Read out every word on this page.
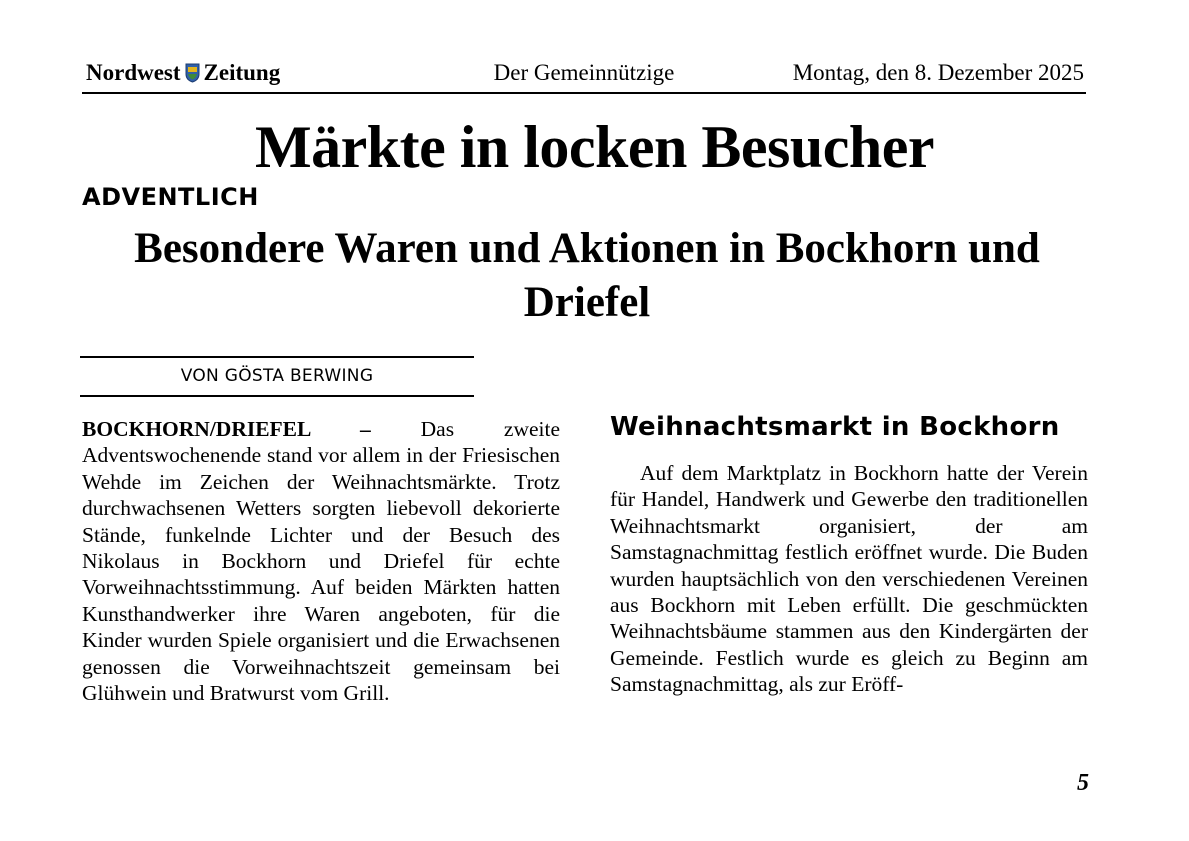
Nordwest Zeitung	Der Gemeinnützige	Montag, den 8. Dezember 2025
Märkte in locken Besucher
ADVENTLICH
Besondere Waren und Aktionen in Bockhorn und Driefel
VON GÖSTA BERWING
BOCKHORN/DRIEFEL – Das zweite Adventswochenende stand vor allem in der Friesischen Wehde im Zeichen der Weihnachtsmärkte. Trotz durchwachsenen Wetters sorgten liebevoll dekorierte Stände, funkelnde Lichter und der Besuch des Nikolaus in Bockhorn und Driefel für echte Vorweihnachtsstimmung. Auf beiden Märkten hatten Kunsthandwerker ihre Waren angeboten, für die Kinder wurden Spiele organisiert und die Erwachsenen genossen die Vorweihnachtszeit gemeinsam bei Glühwein und Bratwurst vom Grill.
Weihnachtsmarkt in Bockhorn
Auf dem Marktplatz in Bockhorn hatte der Verein für Handel, Handwerk und Gewerbe den traditionellen Weihnachtsmarkt organisiert, der am Samstagnachmittag festlich eröffnet wurde. Die Buden wurden hauptsächlich von den verschiedenen Vereinen aus Bockhorn mit Leben erfüllt. Die geschmückten Weihnachtsbäume stammen aus den Kindergärten der Gemeinde. Festlich wurde es gleich zu Beginn am Samstagnachmittag, als zur Eröff-
5
